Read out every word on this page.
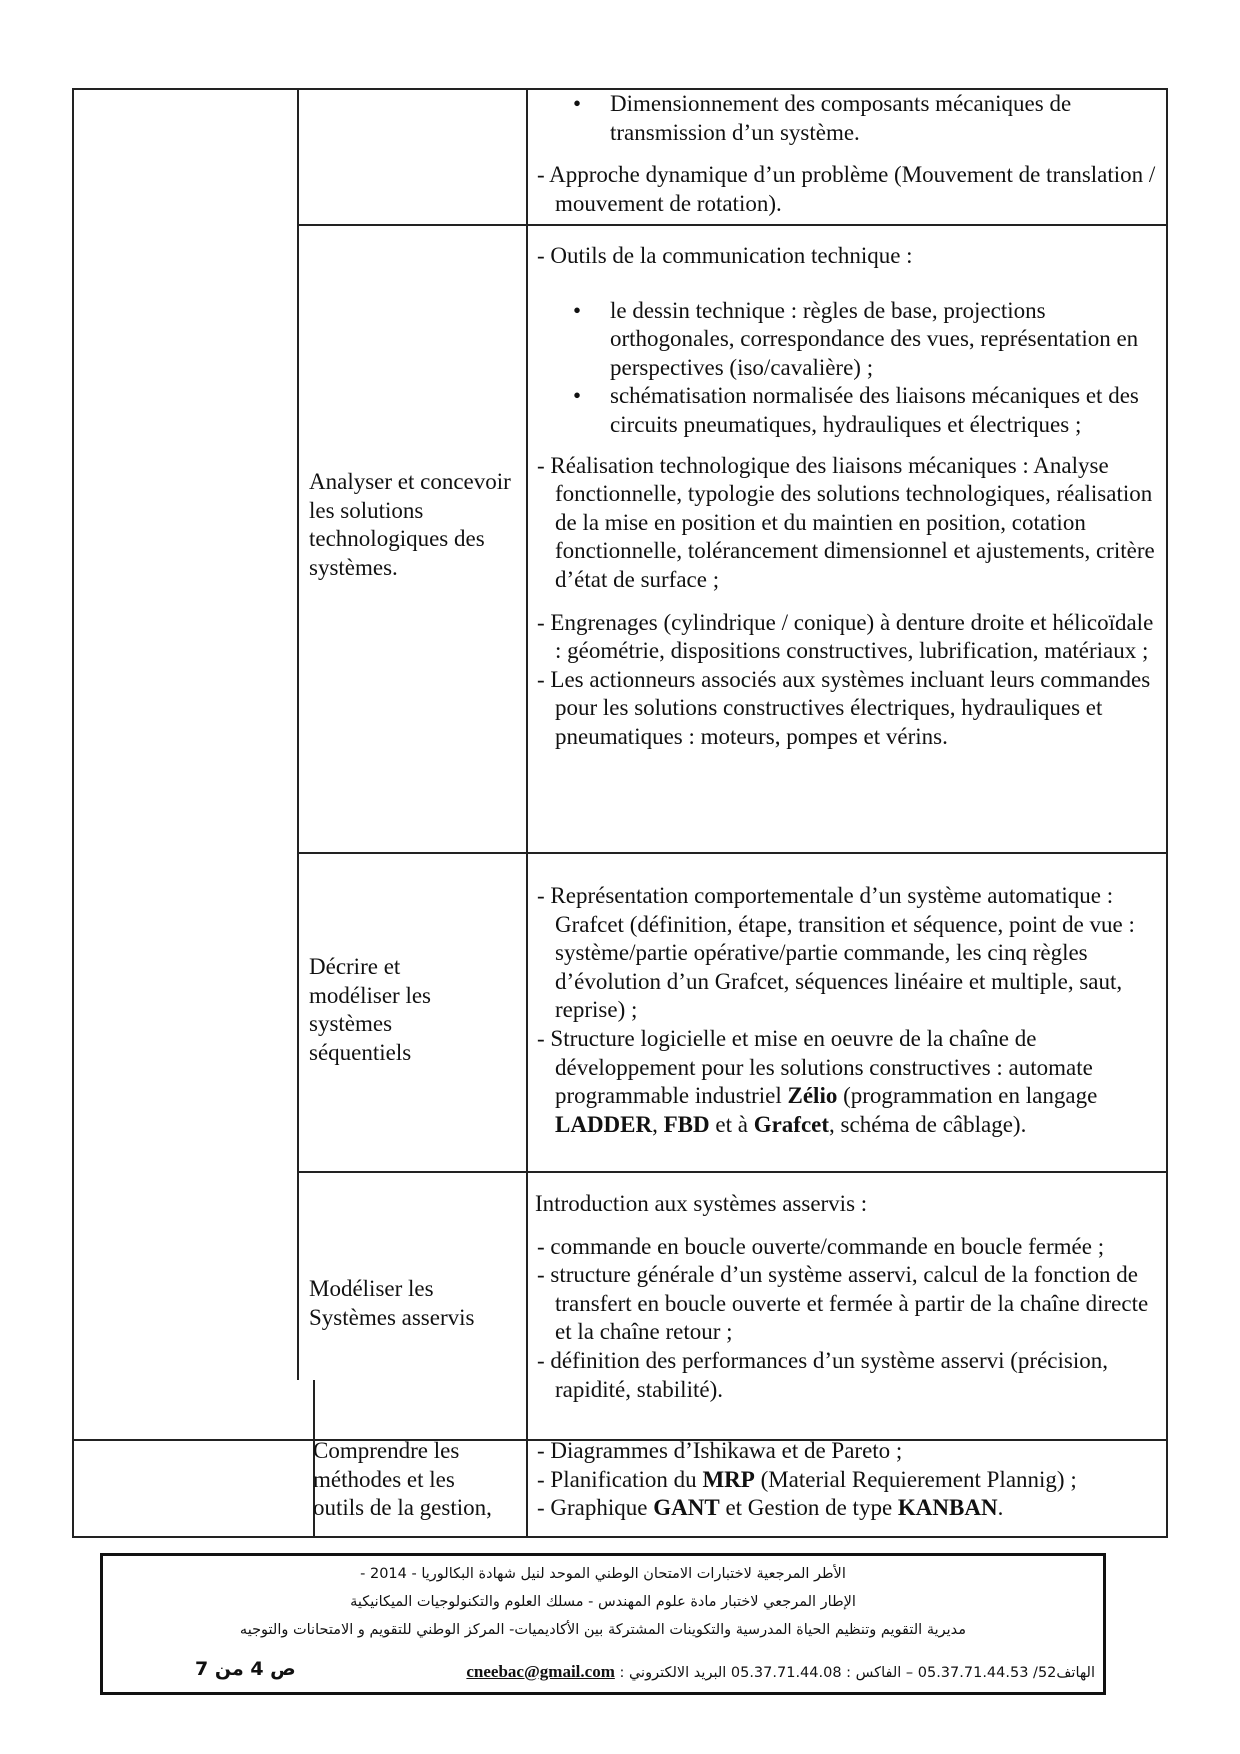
• Dimensionnement des composants mécaniques de transmission d’un système.
- Approche dynamique d’un problème (Mouvement de translation / mouvement de rotation).
Analyser et concevoir les solutions technologiques des systèmes.
- Outils de la communication technique :
• le dessin technique : règles de base, projections orthogonales, correspondance des vues, représentation en perspectives (iso/cavalière) ;
• schématisation normalisée des liaisons mécaniques et des circuits pneumatiques, hydrauliques et électriques ;
- Réalisation technologique des liaisons mécaniques : Analyse fonctionnelle, typologie des solutions technologiques, réalisation de la mise en position et du maintien en position, cotation fonctionnelle, tolérancement dimensionnel et ajustements, critère d’état de surface ;
- Engrenages (cylindrique / conique) à denture droite et hélicoïdale : géométrie, dispositions constructives, lubrification, matériaux ;
- Les actionneurs associés aux systèmes incluant leurs commandes pour les solutions constructives électriques, hydrauliques et pneumatiques : moteurs, pompes et vérins.
Décrire et modéliser les systèmes séquentiels
- Représentation comportementale d’un système automatique : Grafcet (définition, étape, transition et séquence, point de vue : système/partie opérative/partie commande, les cinq règles d’évolution d’un Grafcet, séquences linéaire et multiple, saut, reprise) ;
- Structure logicielle et mise en oeuvre de la chaîne de développement pour les solutions constructives : automate programmable industriel Zélio (programmation en langage LADDER, FBD et à Grafcet, schéma de câblage).
Modéliser les Systèmes asservis
Introduction aux systèmes asservis :
- commande en boucle ouverte/commande en boucle fermée ;
- structure générale d’un système asservi, calcul de la fonction de transfert en boucle ouverte et fermée à partir de la chaîne directe et la chaîne retour ;
- définition des performances d’un système asservi (précision, rapidité, stabilité).
Comprendre les méthodes et les outils de la gestion,
- Diagrammes d’Ishikawa et de Pareto ;
- Planification du MRP (Material Requierement Plannig) ;
- Graphique GANT et Gestion de type KANBAN.
الأطر المرجعية لاختبارات الامتحان الوطني الموحد لنيل شهادة البكالوريا - 2014 -
الإطار المرجعي لاختبار مادة علوم المهندس - مسلك العلوم والتكنولوجيات الميكانيكية
مديرية التقويم وتنظيم الحياة المدرسية والتكوينات المشتركة بين الأكاديميات- المركز الوطني للتقويم و الامتحانات والتوجيه
ص 4 من 7	الهاتف52/ 05.37.71.44.53 – الفاكس : 05.37.71.44.08 البريد الالكتروني : cneebac@gmail.com
